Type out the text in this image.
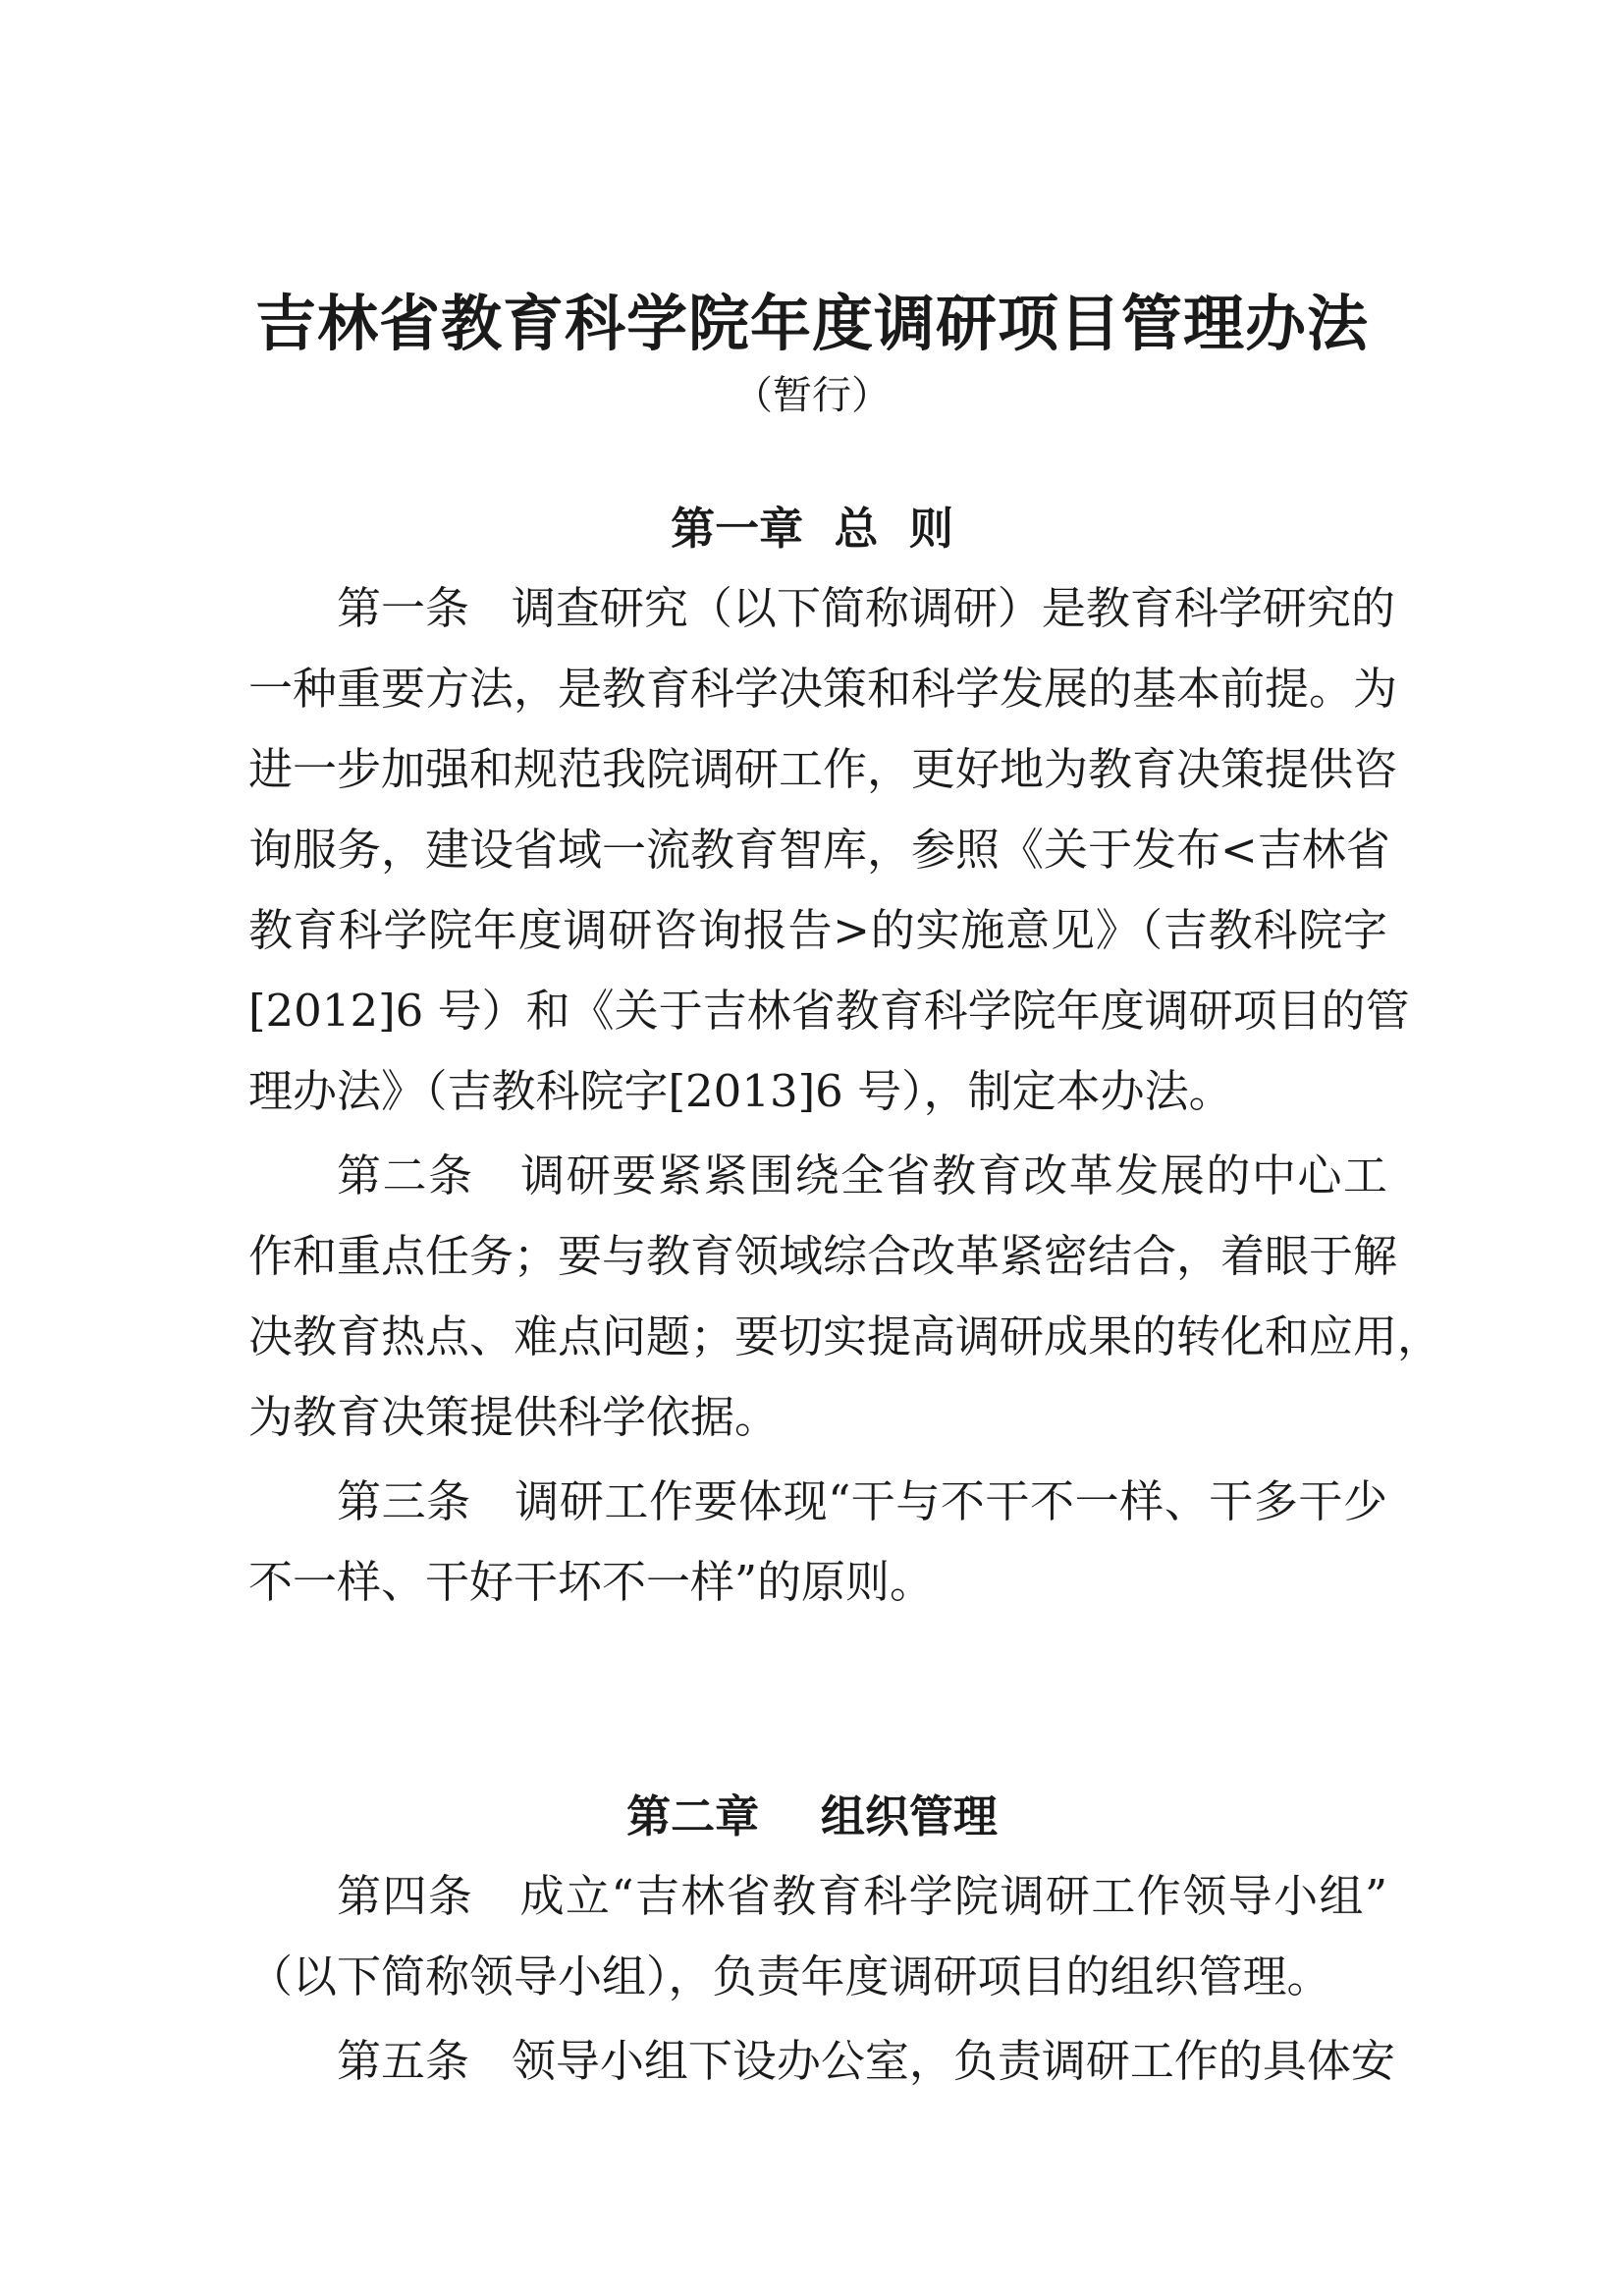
吉林省教育科学院年度调研项目管理办法
（暂行）
第一章  总  则
第一条   调查研究（以下简称调研）是教育科学研究的
一种重要方法，是教育科学决策和科学发展的基本前提。为
进一步加强和规范我院调研工作，更好地为教育决策提供咨
询服务，建设省域一流教育智库，参照《关于发布<吉林省
教育科学院年度调研咨询报告>的实施意见》（吉教科院字
[2012]6 号）和《关于吉林省教育科学院年度调研项目的管
理办法》（吉教科院字[2013]6 号），制定本办法。
第二条   调研要紧紧围绕全省教育改革发展的中心工
作和重点任务；要与教育领域综合改革紧密结合，着眼于解
决教育热点、难点问题；要切实提高调研成果的转化和应用，
为教育决策提供科学依据。
第三条   调研工作要体现“干与不干不一样、干多干少
不一样、干好干坏不一样”的原则。
第二章    组织管理
第四条   成立“吉林省教育科学院调研工作领导小组”
（以下简称领导小组），负责年度调研项目的组织管理。
第五条   领导小组下设办公室，负责调研工作的具体安
